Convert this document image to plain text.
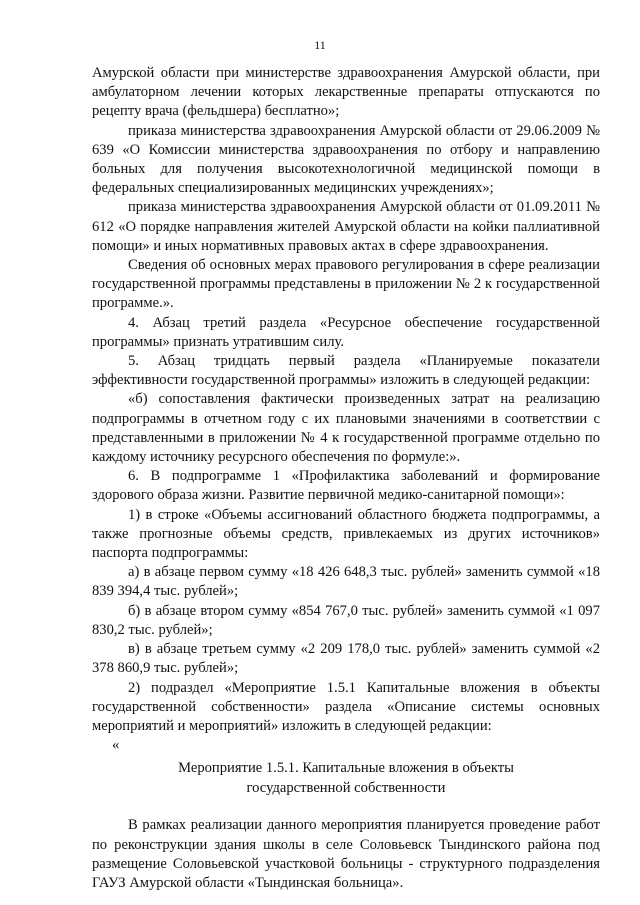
11

Амурской области при министерстве здравоохранения Амурской области, при амбулаторном лечении которых лекарственные препараты отпускаются по рецепту врача (фельдшера) бесплатно»;

приказа министерства здравоохранения Амурской области от 29.06.2009 № 639 «О Комиссии министерства здравоохранения по отбору и направлению больных для получения высокотехнологичной медицинской помощи в федеральных специализированных медицинских учреждениях»;

приказа министерства здравоохранения Амурской области от 01.09.2011 № 612 «О порядке направления жителей Амурской области на койки паллиативной помощи» и иных нормативных правовых актах в сфере здравоохранения.

Сведения об основных мерах правового регулирования в сфере реализации государственной программы представлены в приложении № 2 к государственной программе.».

4. Абзац третий раздела «Ресурсное обеспечение государственной программы» признать утратившим силу.

5. Абзац тридцать первый раздела «Планируемые показатели эффективности государственной программы» изложить в следующей редакции:

«б) сопоставления фактически произведенных затрат на реализацию подпрограммы в отчетном году с их плановыми значениями в соответствии с представленными в приложении № 4 к государственной программе отдельно по каждому источнику ресурсного обеспечения по формуле:».

6. В подпрограмме 1 «Профилактика заболеваний и формирование здорового образа жизни. Развитие первичной медико-санитарной помощи»:

1) в строке «Объемы ассигнований областного бюджета подпрограммы, а также прогнозные объемы средств, привлекаемых из других источников» паспорта подпрограммы:

а) в абзаце первом сумму «18 426 648,3 тыс. рублей» заменить суммой «18 839 394,4 тыс. рублей»;

б) в абзаце втором сумму «854 767,0 тыс. рублей» заменить суммой «1 097 830,2 тыс. рублей»;

в) в абзаце третьем сумму «2 209 178,0 тыс. рублей» заменить суммой «2 378 860,9 тыс. рублей»;

2) подраздел «Мероприятие 1.5.1 Капитальные вложения в объекты государственной собственности» раздела «Описание системы основных мероприятий и мероприятий» изложить в следующей редакции:

«

Мероприятие 1.5.1. Капитальные вложения в объекты
государственной собственности

В рамках реализации данного мероприятия планируется проведение работ по реконструкции здания школы в селе Соловьевск Тындинского района под размещение Соловьевской участковой больницы - структурного подразделения ГАУЗ Амурской области «Тындинская больница».
